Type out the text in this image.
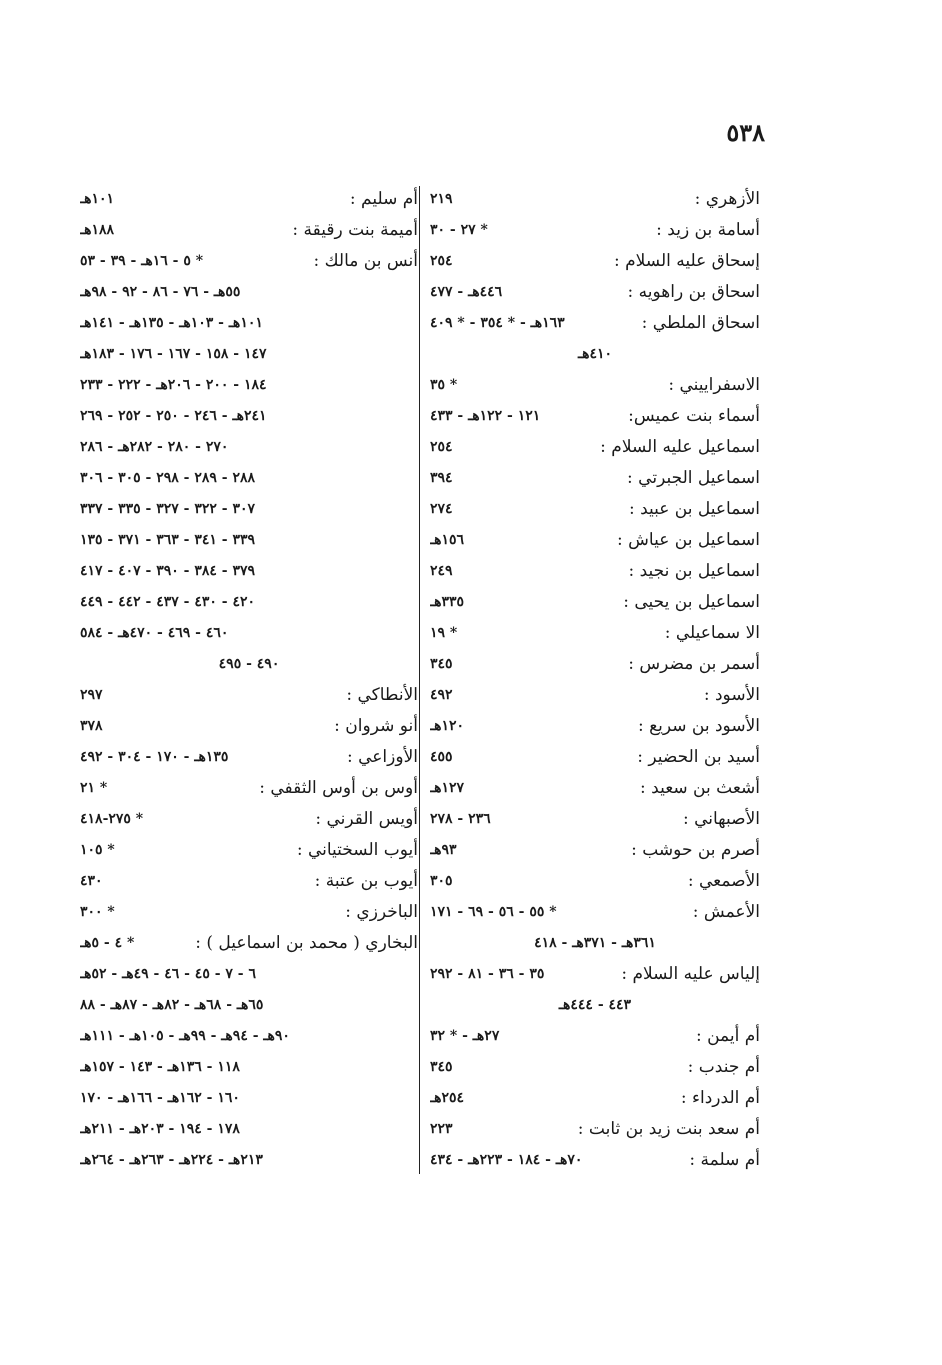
٥٣٨
الأزهري :
٢١٩
أسامة بن زيد :
* ٢٧ - ٣٠
إسحاق عليه السلام :
٢٥٤
اسحاق بن راهويه :
٤٤٦هـ - ٤٧٧
اسحاق الملطي :
١٦٣هـ - * ٣٥٤ - * ٤٠٩
٤١٠هـ
الاسفراييني :
* ٣٥
أسماء بنت عميس:
١٢١ - ١٢٢هـ - ٤٣٣
اسماعيل عليه السلام :
٢٥٤
اسماعيل الجبرتي :
٣٩٤
اسماعيل بن عبيد :
٢٧٤
اسماعيل بن عياش :
١٥٦هـ
اسماعيل بن نجيد :
٢٤٩
اسماعيل بن يحيى :
٣٣٥هـ
الا سماعيلي :
* ١٩
أسمر بن مضرس :
٣٤٥
الأسود :
٤٩٢
الأسود بن سريع :
١٢٠هـ
أسيد بن الحضير :
٤٥٥
أشعث بن سعيد :
١٢٧هـ
الأصبهاني :
٢٣٦ - ٢٧٨
أصرم بن حوشب :
٩٣هـ
الأصمعي :
٣٠٥
الأعمش :
* ٥٥ - ٥٦ - ٦٩ - ١٧١
٣٦١هـ - ٣٧١هـ - ٤١٨
إلياس عليه السلام :
٣٥ - ٣٦ - ٨١ - ٢٩٢
٤٤٣ - ٤٤٤هـ
أم أيمن :
٢٧هـ - * ٣٢
أم جندب :
٣٤٥
أم الدرداء :
٢٥٤هـ
أم سعد بنت زيد بن ثابت :
٢٢٣
أم سلمة :
٧٠هـ - ١٨٤ - ٢٢٣هـ - ٤٣٤
أم سليم :
١٠١هـ
أميمة بنت رقيقة :
١٨٨هـ
أنس بن مالك :
* ٥ - ١٦هـ - ٣٩ - ٥٣
٥٥هـ - ٧٦ - ٨٦ - ٩٢ - ٩٨هـ
١٠١هـ - ١٠٣هـ - ١٣٥هـ - ١٤١هـ
١٤٧ - ١٥٨ - ١٦٧ - ١٧٦ - ١٨٣هـ
١٨٤ - ٢٠٠ - ٢٠٦هـ - ٢٢٢ - ٢٣٣
٢٤١هـ - ٢٤٦ - ٢٥٠ - ٢٥٢ - ٢٦٩
٢٧٠ - ٢٨٠ - ٢٨٢هـ - ٢٨٦
٢٨٨ - ٢٨٩ - ٢٩٨ - ٣٠٥ - ٣٠٦
٣٠٧ - ٣٢٢ - ٣٢٧ - ٣٣٥ - ٣٣٧
٣٣٩ - ٣٤١ - ٣٦٣ - ٣٧١ - ١٣٥
٣٧٩ - ٣٨٤ - ٣٩٠ - ٤٠٧ - ٤١٧
٤٢٠ - ٤٣٠ - ٤٣٧ - ٤٤٢ - ٤٤٩
٤٦٠ - ٤٦٩ - ٤٧٠هـ - ٥٨٤
٤٩٠ - ٤٩٥
الأنطاكي :
٢٩٧
أنو شروان :
٣٧٨
الأوزاعي :
١٣٥هـ - ١٧٠ - ٣٠٤ - ٤٩٢
أوس بن أوس الثقفي :
* ٢١
أويس القرني :
* ٢٧٥-٤١٨
أيوب السختياني :
* ١٠٥
أيوب بن عتبة :
٤٣٠
الباخرزي :
* ٣٠٠
البخاري ( محمد بن اسماعيل ) :
* ٤ - ٥هـ
٦ - ٧ - ٤٥ - ٤٦ - ٤٩هـ - ٥٢هـ
٦٥هـ - ٦٨هـ - ٨٢هـ - ٨٧هـ - ٨٨
٩٠هـ - ٩٤هـ - ٩٩هـ - ١٠٥هـ - ١١١هـ
١١٨ - ١٣٦هـ - ١٤٣ - ١٥٧هـ
١٦٠ - ١٦٢هـ - ١٦٦هـ - ١٧٠
١٧٨ - ١٩٤ - ٢٠٣هـ - ٢١١هـ
٢١٣هـ - ٢٢٤هـ - ٢٦٣هـ - ٢٦٤هـ
